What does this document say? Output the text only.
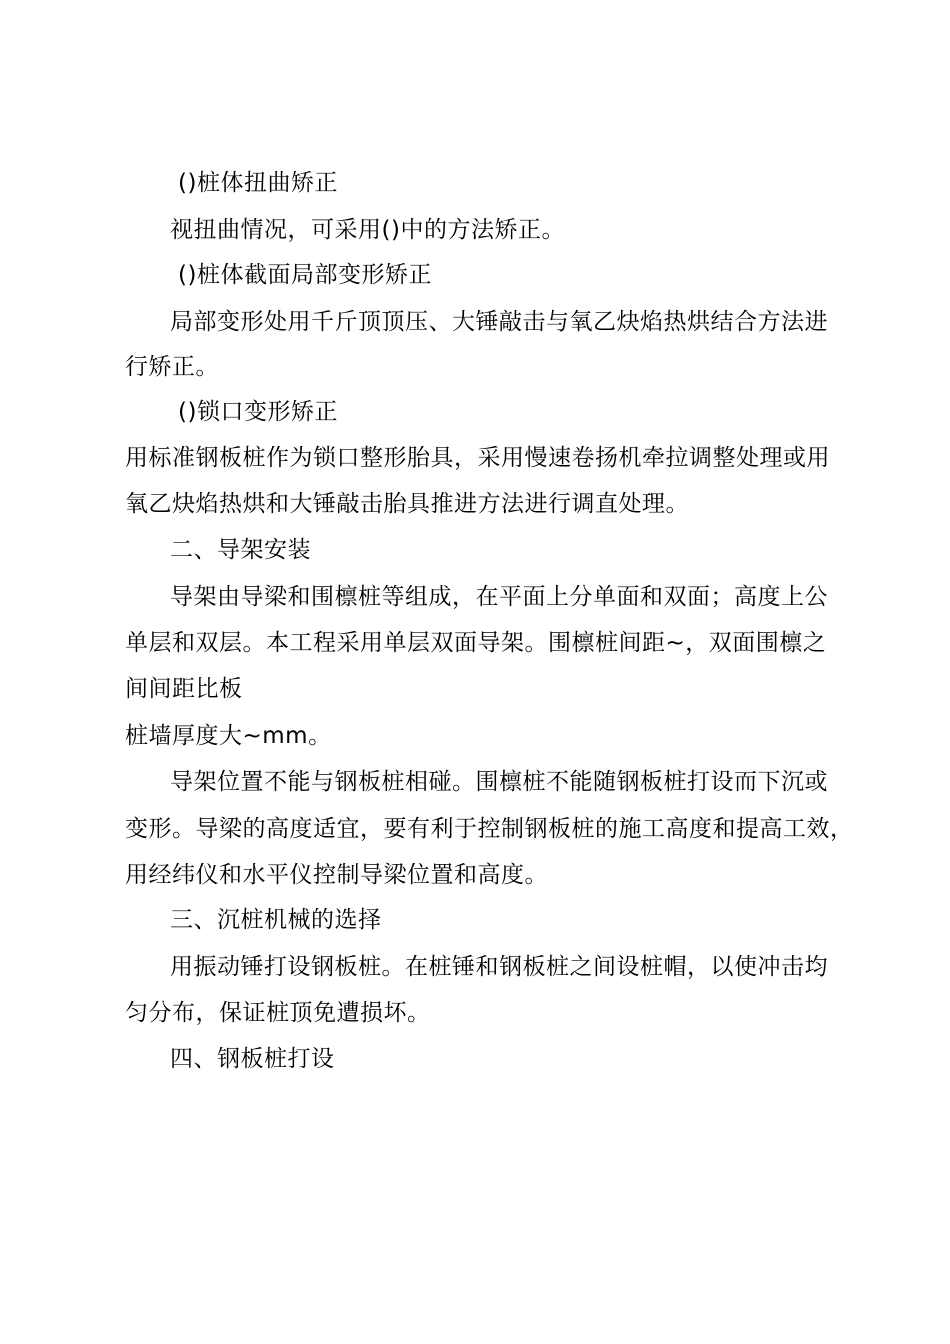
()桩体扭曲矫正
视扭曲情况，可采用()中的方法矫正。
()桩体截面局部变形矫正
局部变形处用千斤顶顶压、大锤敲击与氧乙炔焰热烘结合方法进
行矫正。
()锁口变形矫正
用标准钢板桩作为锁口整形胎具，采用慢速卷扬机牵拉调整处理或用
氧乙炔焰热烘和大锤敲击胎具推进方法进行调直处理。
二、导架安装
导架由导梁和围檩桩等组成，在平面上分单面和双面；高度上公
单层和双层。本工程采用单层双面导架。围檩桩间距~，双面围檩之
间间距比板
桩墙厚度大~mm。
导架位置不能与钢板桩相碰。围檩桩不能随钢板桩打设而下沉或
变形。导梁的高度适宜，要有利于控制钢板桩的施工高度和提高工效，
用经纬仪和水平仪控制导梁位置和高度。
三、沉桩机械的选择
用振动锤打设钢板桩。在桩锤和钢板桩之间设桩帽，以使冲击均
匀分布，保证桩顶免遭损坏。
四、钢板桩打设
